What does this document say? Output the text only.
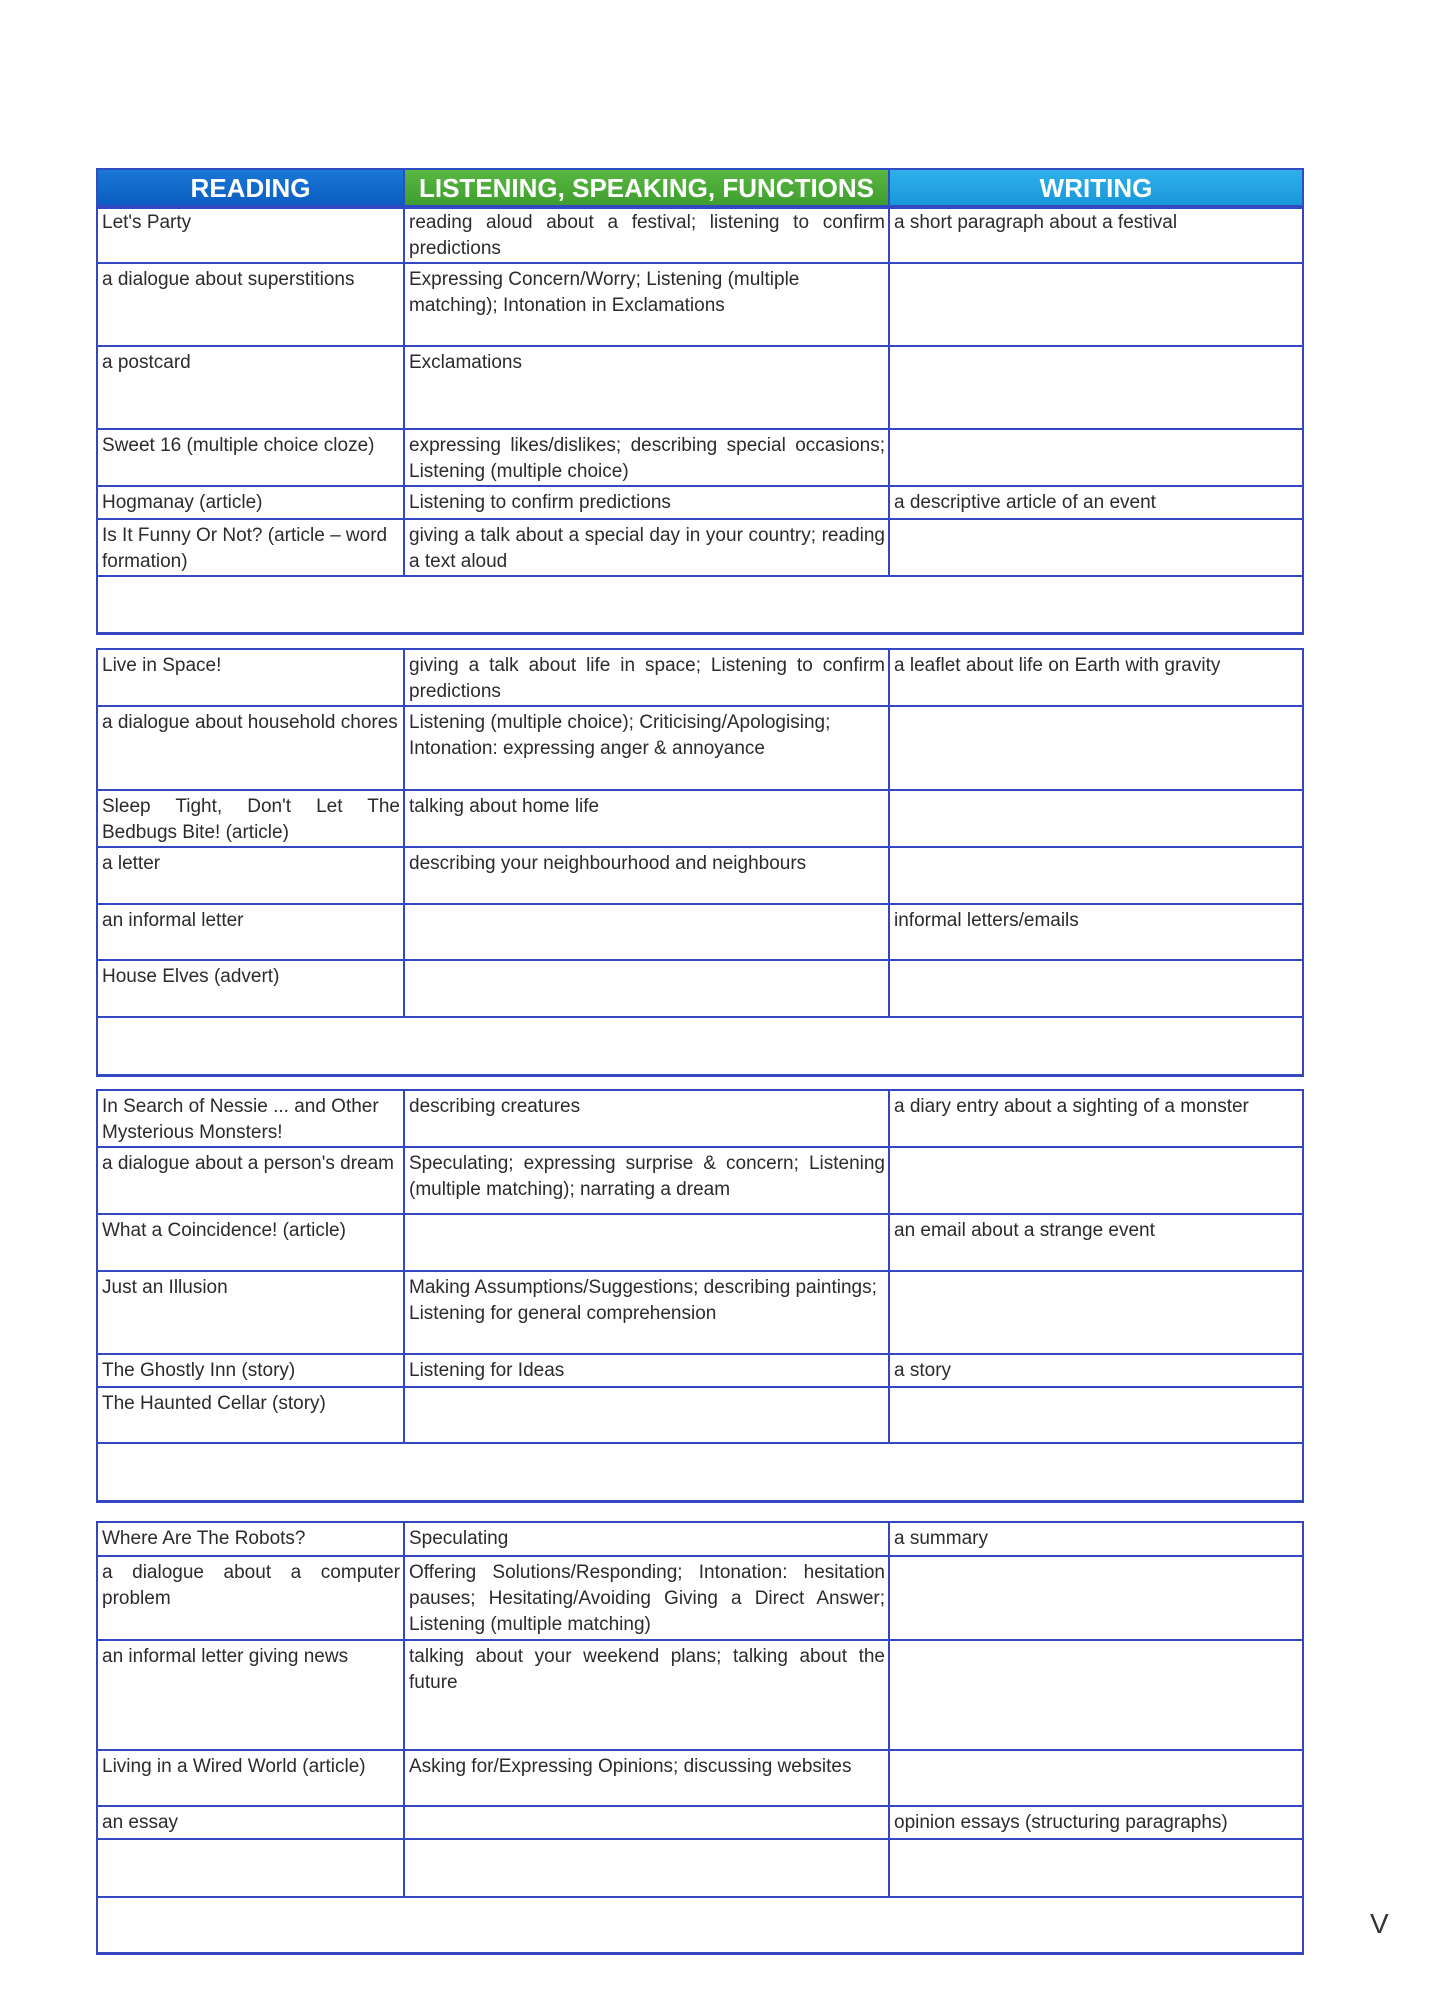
READING	LISTENING, SPEAKING, FUNCTIONS	WRITING
Let's Party	reading aloud about a festival; listening to confirm predictions	a short paragraph about a festival
a dialogue about superstitions	Expressing Concern/Worry; Listening (multiple matching); Intonation in Exclamations	
a postcard	Exclamations	
Sweet 16 (multiple choice cloze)	expressing likes/dislikes; describing special occasions; Listening (multiple choice)	
Hogmanay (article)	Listening to confirm predictions	a descriptive article of an event
Is It Funny Or Not? (article – word formation)	giving a talk about a special day in your country; reading a text aloud	

Live in Space!	giving a talk about life in space; Listening to confirm predictions	a leaflet about life on Earth with gravity
a dialogue about household chores	Listening (multiple choice); Criticising/Apologising; Intonation: expressing anger & annoyance	
Sleep Tight, Don't Let The Bedbugs Bite! (article)	talking about home life	
a letter	describing your neighbourhood and neighbours	
an informal letter		informal letters/emails
House Elves (advert)		

In Search of Nessie ... and Other Mysterious Monsters!	describing creatures	a diary entry about a sighting of a monster
a dialogue about a person's dream	Speculating; expressing surprise & concern; Listening (multiple matching); narrating a dream	
What a Coincidence! (article)		an email about a strange event
Just an Illusion	Making Assumptions/Suggestions; describing paintings; Listening for general comprehension	
The Ghostly Inn (story)	Listening for Ideas	a story
The Haunted Cellar (story)		

Where Are The Robots?	Speculating	a summary
a dialogue about a computer problem	Offering Solutions/Responding; Intonation: hesitation pauses; Hesitating/Avoiding Giving a Direct Answer; Listening (multiple matching)	
an informal letter giving news	talking about your weekend plans; talking about the future	
Living in a Wired World (article)	Asking for/Expressing Opinions; discussing websites	
an essay		opinion essays (structuring paragraphs)

V
